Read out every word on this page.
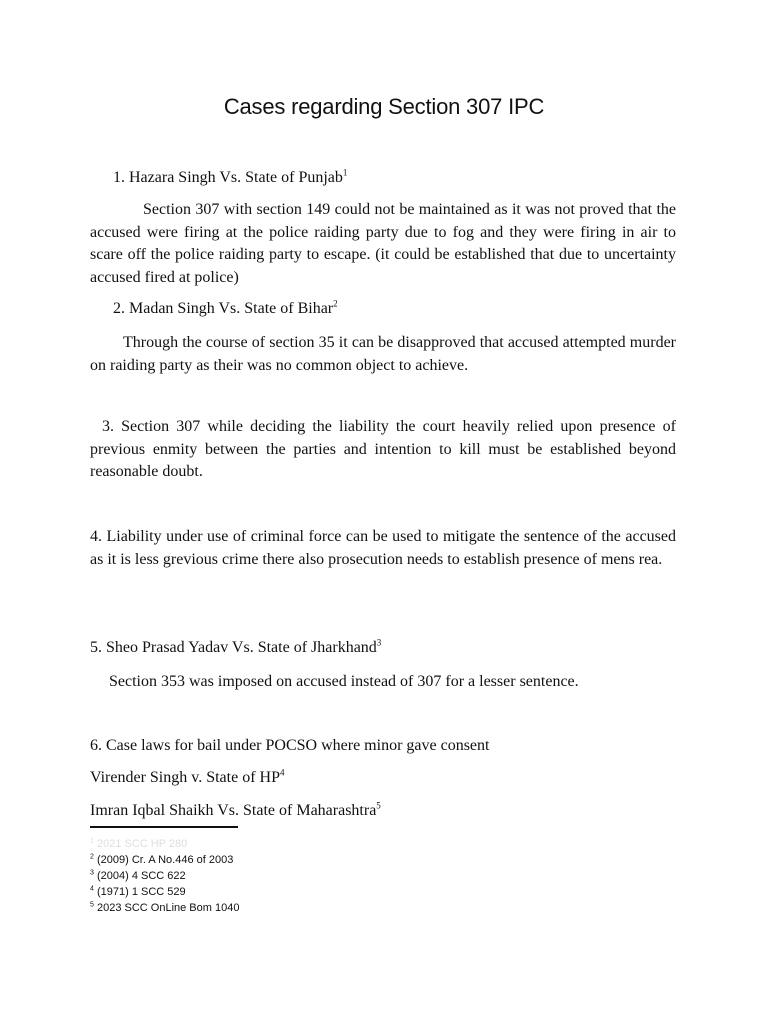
Cases regarding Section 307 IPC
1. Hazara Singh Vs. State of Punjab$^1$
Section 307 with section 149 could not be maintained as it was not proved that the accused were firing at the police raiding party due to fog and they were firing in air to scare off the police raiding party to escape. (it could be established that due to uncertainty accused fired at police)
2. Madan Singh Vs. State of Bihar$^2$
Through the course of section 35 it can be disapproved that accused attempted murder on raiding party as their was no common object to achieve.
3. Section 307 while deciding the liability the court heavily relied upon presence of previous enmity between the parties and intention to kill must be established beyond reasonable doubt.
4. Liability under use of criminal force can be used to mitigate the sentence of the accused as it is less grevious crime there also prosecution needs to establish presence of mens rea.
5. Sheo Prasad Yadav Vs. State of Jharkhand$^3$
Section 353 was imposed on accused instead of 307 for a lesser sentence.
6. Case laws for bail under POCSO where minor gave consent
Virender Singh v. State of $HP^4$
Imran Iqbal Shaikh Vs. State of Maharashtra$^5$
$^1$ 2021 SCC HP 280
$^2$ (2009) Cr. A No.446 of 2003
$^3$ (2004) 4 SCC 622
$^4$ (1971) 1 SCC 529
$^5$ 2023 SCC OnLine Bom 1040
